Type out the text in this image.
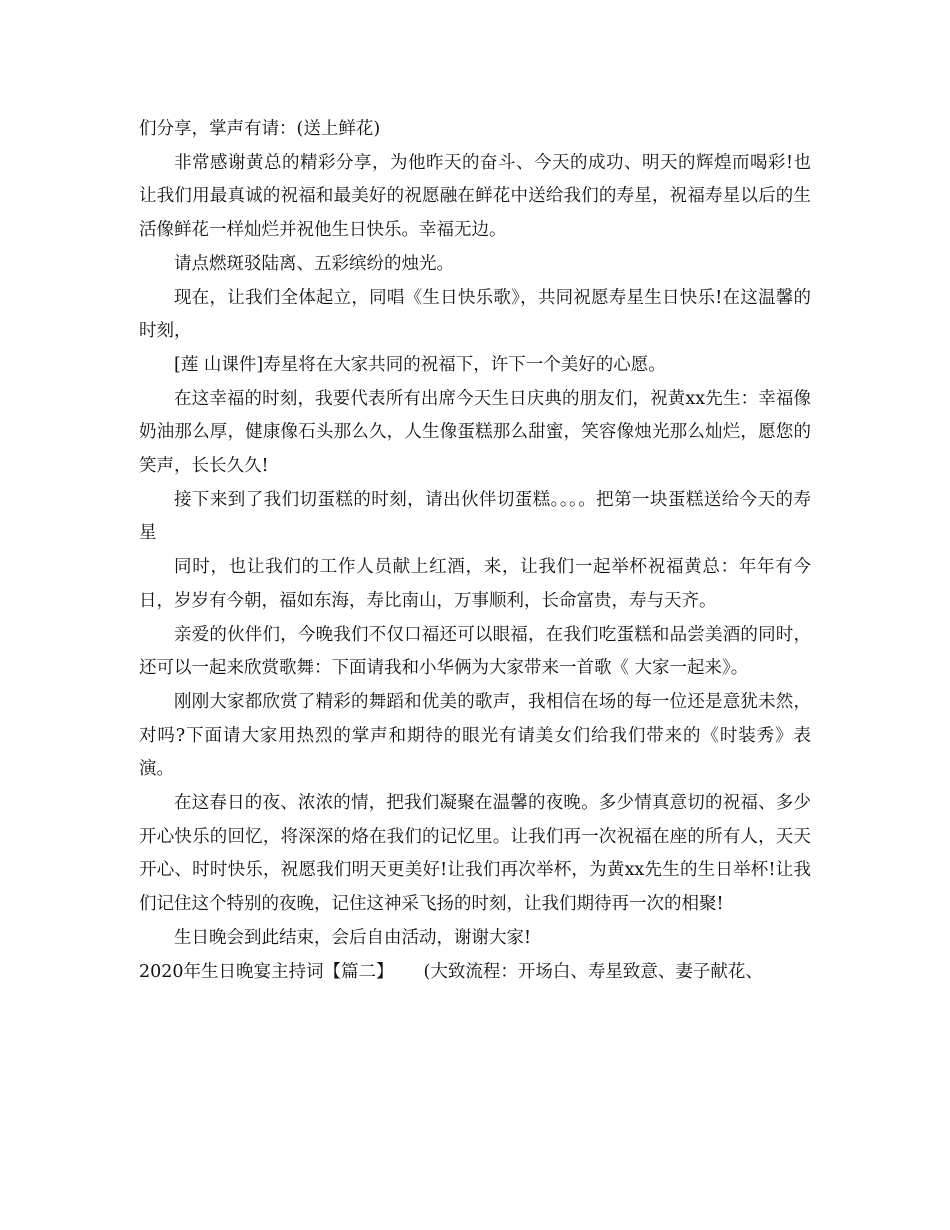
们分享，掌声有请：(送上鲜花)

非常感谢黄总的精彩分享，为他昨天的奋斗、今天的成功、明天的辉煌而喝彩!也让我们用最真诚的祝福和最美好的祝愿融在鲜花中送给我们的寿星，祝福寿星以后的生活像鲜花一样灿烂并祝他生日快乐。幸福无边。

请点燃斑驳陆离、五彩缤纷的烛光。

现在，让我们全体起立，同唱《生日快乐歌》，共同祝愿寿星生日快乐!在这温馨的时刻，

[莲 山课件]寿星将在大家共同的祝福下，许下一个美好的心愿。

在这幸福的时刻，我要代表所有出席今天生日庆典的朋友们，祝黄xx先生：幸福像奶油那么厚，健康像石头那么久，人生像蛋糕那么甜蜜，笑容像烛光那么灿烂，愿您的笑声，长长久久!

接下来到了我们切蛋糕的时刻，请出伙伴切蛋糕。。。。把第一块蛋糕送给今天的寿星

同时，也让我们的工作人员献上红酒，来，让我们一起举杯祝福黄总：年年有今日，岁岁有今朝，福如东海，寿比南山，万事顺利，长命富贵，寿与天齐。

亲爱的伙伴们，今晚我们不仅口福还可以眼福，在我们吃蛋糕和品尝美酒的同时，还可以一起来欣赏歌舞：下面请我和小华俩为大家带来一首歌《 大家一起来》。

刚刚大家都欣赏了精彩的舞蹈和优美的歌声，我相信在场的每一位还是意犹未然，对吗?下面请大家用热烈的掌声和期待的眼光有请美女们给我们带来的《时装秀》表演。

在这春日的夜、浓浓的情，把我们凝聚在温馨的夜晚。多少情真意切的祝福、多少开心快乐的回忆，将深深的烙在我们的记忆里。让我们再一次祝福在座的所有人，天天开心、时时快乐，祝愿我们明天更美好!让我们再次举杯，为黄xx先生的生日举杯!让我们记住这个特别的夜晚，记住这神采飞扬的时刻，让我们期待再一次的相聚!

生日晚会到此结束，会后自由活动，谢谢大家!

2020年生日晚宴主持词【篇二】 (大致流程：开场白、寿星致意、妻子献花、
